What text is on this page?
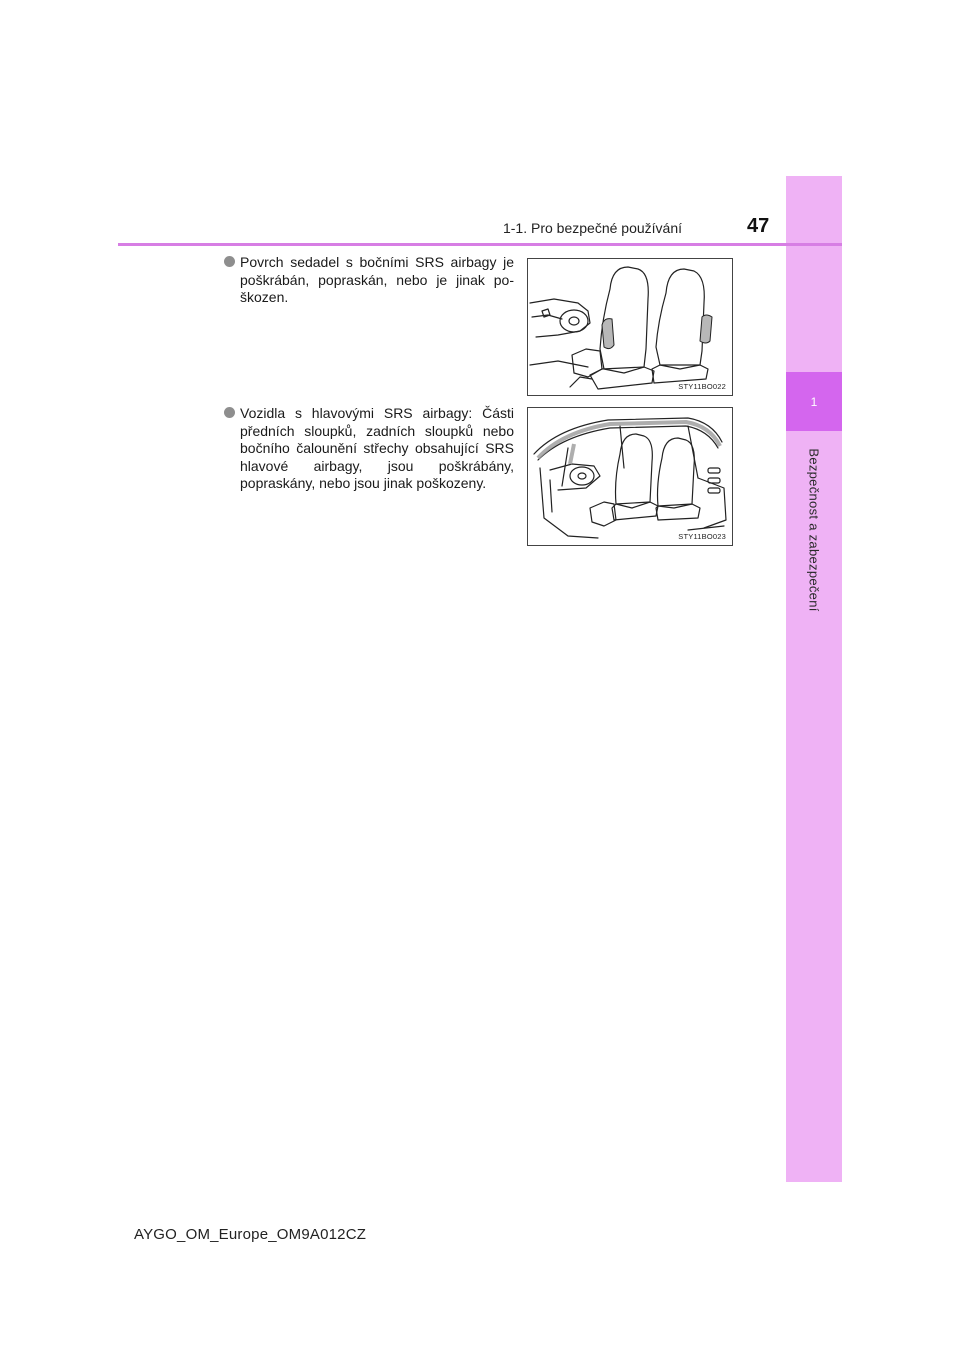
1
Bezpečnost a zabezpečení
1-1. Pro bezpečné používání	47
Povrch sedadel s bočními SRS airbagy je poškrábán, popraskán, nebo je jinak po-škozen.
STY11BO022
Vozidla s hlavovými SRS airbagy: Části předních sloupků, zadních sloupků nebo bočního čalounění střechy obsahující SRS hlavové airbagy, jsou poškrábány, popraskány, nebo jsou jinak poškozeny.
STY11BO023
AYGO_OM_Europe_OM9A012CZ
